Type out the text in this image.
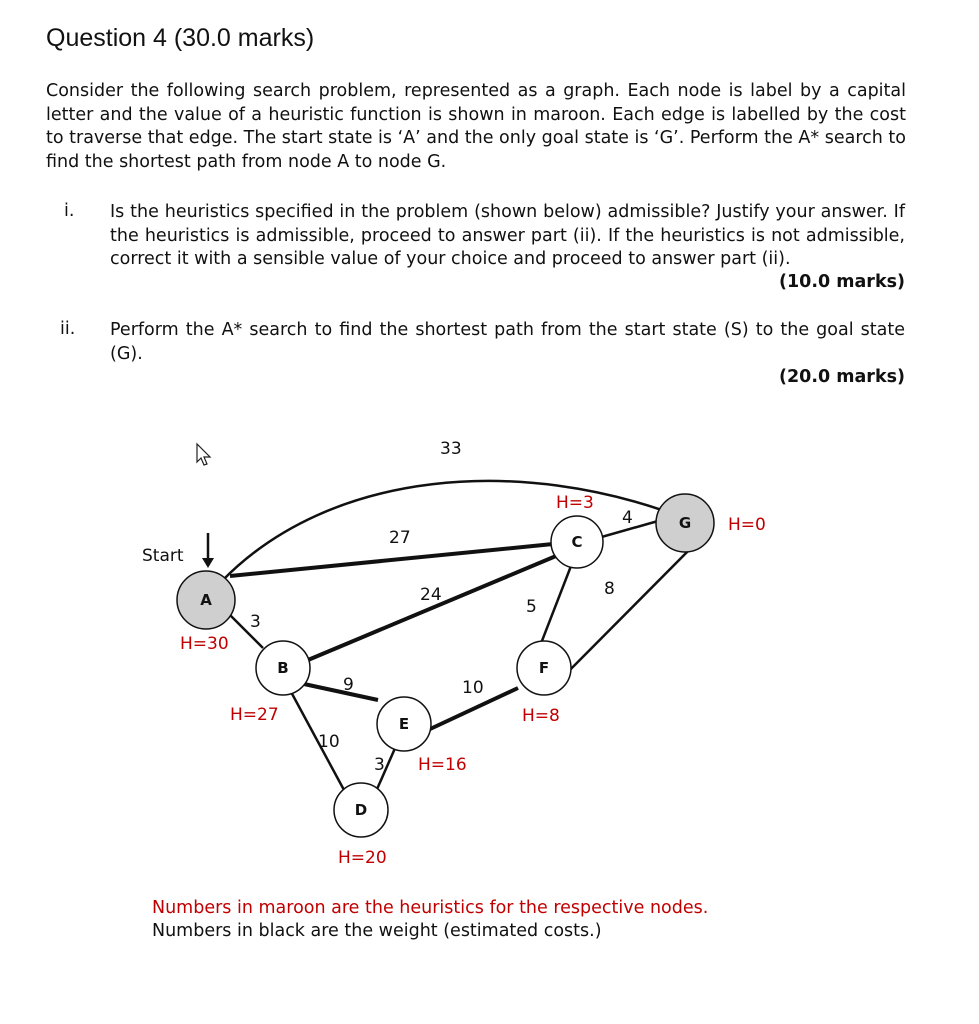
Question 4 (30.0 marks)
Consider the following search problem, represented as a graph. Each node is label by a capital letter and the value of a heuristic function is shown in maroon. Each edge is labelled by the cost to traverse that edge. The start state is ‘A’ and the only goal state is ‘G’. Perform the A* search to find the shortest path from node A to node G.
i. Is the heuristics specified in the problem (shown below) admissible? Justify your answer. If the heuristics is admissible, proceed to answer part (ii). If the heuristics is not admissible, correct it with a sensible value of your choice and proceed to answer part (ii).
(10.0 marks)
ii. Perform the A* search to find the shortest path from the start state (S) to the goal state (G).
(20.0 marks)
Start
A
B
C
D
E
F
G
33
27
3
24
9
10
3
10
5
4
8
H=30
H=27
H=3
H=20
H=16
H=8
H=0
Numbers in maroon are the heuristics for the respective nodes.
Numbers in black are the weight (estimated costs.)
